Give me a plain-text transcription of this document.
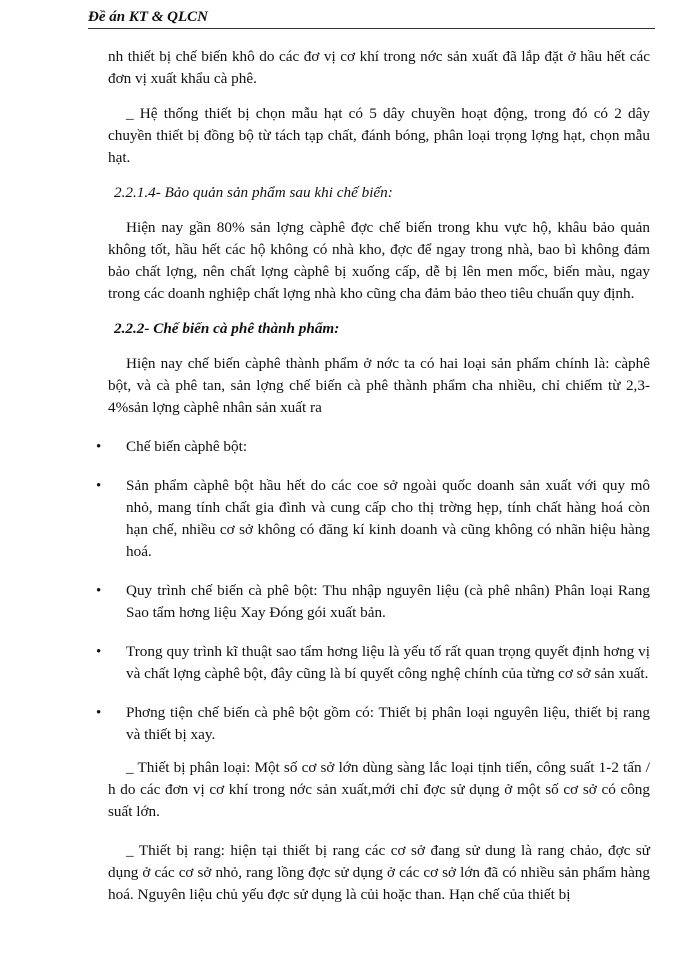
Đề án KT & QLCN

nh thiết bị chế biến khô do các đơ vị cơ khí trong nớc sản xuất đã lắp đặt ở hầu hết các đơn vị xuất khẩu cà phê.

_ Hệ thống thiết bị chọn mẫu hạt có 5 dây chuyền hoạt động, trong đó có 2 dây chuyền thiết bị đồng bộ từ tách tạp chất, đánh bóng, phân loại trọng lợng hạt, chọn mẫu hạt.

2.2.1.4- Bảo quản sản phẩm sau khi chế biến:

Hiện nay gần 80% sản lợng càphê đợc chế biến trong khu vực hộ, khâu bảo quản không tốt, hầu hết các hộ không có nhà kho, đợc để ngay trong nhà, bao bì không đảm bảo chất lợng, nên chất lợng càphê bị xuống cấp, dễ bị lên men mốc, biến màu, ngay trong các doanh nghiệp chất lợng nhà kho cũng cha đảm bảo theo tiêu chuẩn quy định.

2.2.2- Chế biến cà phê thành phẩm:

Hiện nay chế biến càphê thành phẩm ở nớc ta có hai loại sản phẩm chính là: càphê bột, và cà phê tan, sản lợng chế biến cà phê thành phẩm cha nhiều, chỉ chiếm từ 2,3-4%sản lợng càphê nhân sản xuất ra

• Chế biến càphê bột:
• Sản phẩm càphê bột hầu hết do các coe sở ngoài quốc doanh sản xuất với quy mô nhỏ, mang tính chất gia đình và cung cấp cho thị trờng hẹp, tính chất hàng hoá còn hạn chế, nhiều cơ sở không có đăng kí kinh doanh và cũng không có nhãn hiệu hàng hoá.
• Quy trình chế biến cà phê bột: Thu nhập nguyên liệu (cà phê nhân) Phân loại Rang Sao tẩm hơng liệu Xay Đóng gói xuất bản.
• Trong quy trình kĩ thuật sao tẩm hơng liệu là yếu tố rất quan trọng quyết định hơng vị và chất lợng càphê bột, đây cũng là bí quyết công nghệ chính của từng cơ sở sản xuất.
• Phơng tiện chế biến cà phê bột gồm có: Thiết bị phân loại nguyên liệu, thiết bị rang và thiết bị xay.

_ Thiết bị phân loại: Một số cơ sở lớn dùng sàng lắc loại tịnh tiến, công suất 1-2 tấn / h do các đơn vị cơ khí trong nớc sản xuất,mới chỉ đợc sử dụng ở một số cơ sở có công suất lớn.

_ Thiết bị rang: hiện tại thiết bị rang các cơ sở đang sử dung là rang chảo, đợc sử dụng ở các cơ sở nhỏ, rang lồng đợc sử dụng ở các cơ sở lớn đã có nhiều sản phẩm hàng hoá. Nguyên liệu chủ yếu đợc sử dụng là củi hoặc than. Hạn chế của thiết bị
